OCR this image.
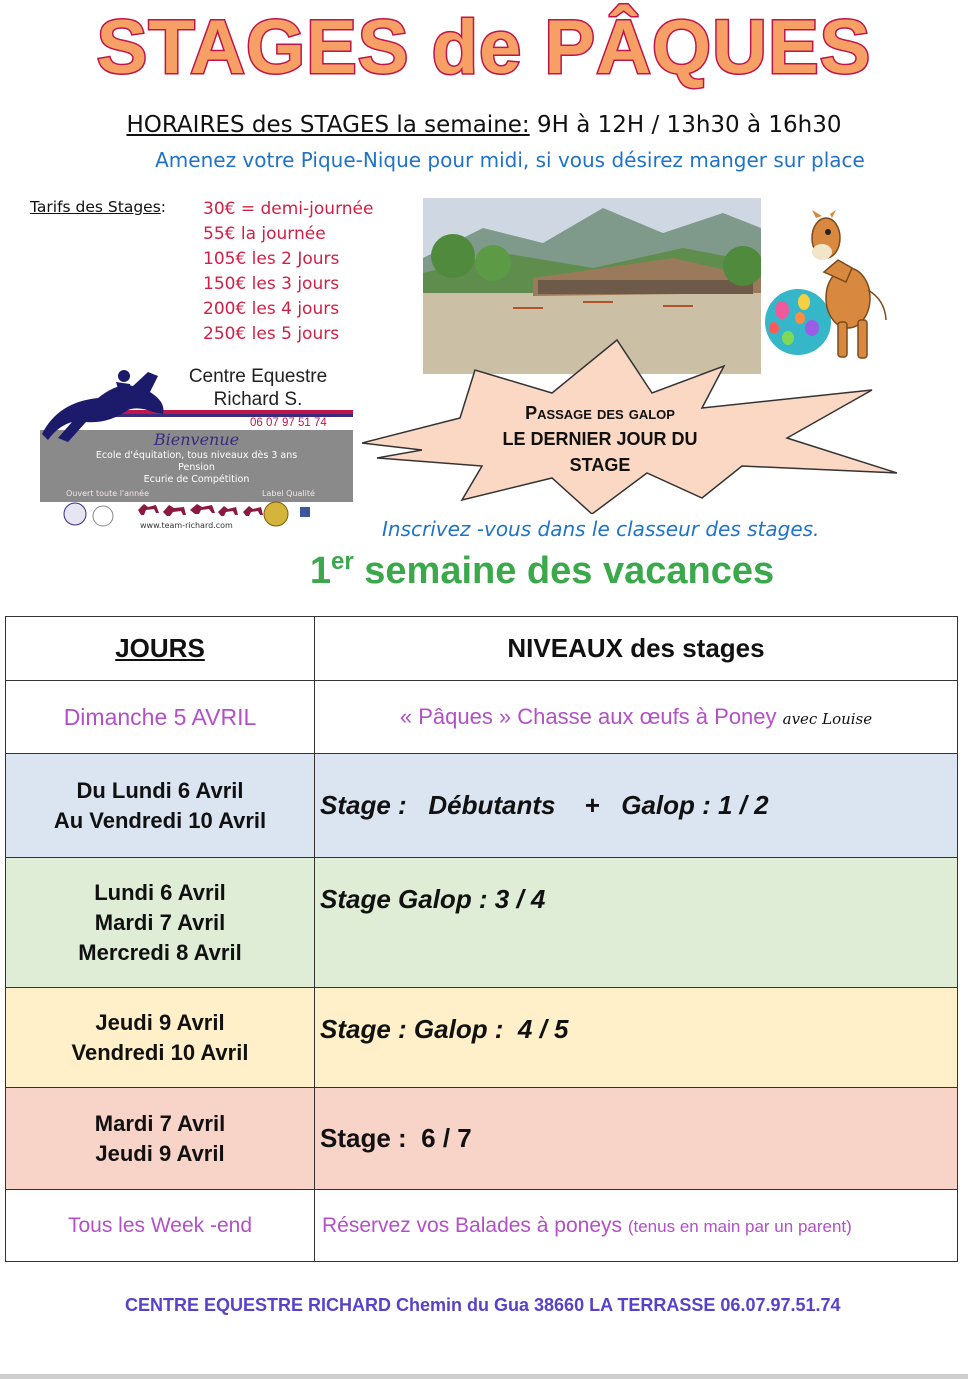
STAGES de PÂQUES
HORAIRES des STAGES la semaine: 9H à 12H / 13h30 à 16h30
Amenez votre Pique-Nique pour midi, si vous désirez manger sur place
Tarifs des Stages: 30€ = demi-journée
55€ la journée
105€ les 2 Jours
150€ les 3 jours
200€ les 4 jours
250€ les 5 jours
Passage des galop
LE DERNIER JOUR DU
STAGE
Centre Equestre
Richard S.
06 07 97 51 74
Bienvenue
Ecole d'équitation, tous niveaux dès 3 ans
Pension
Ecurie de Compétition
Ouvert toute l'année	Label Qualité
www.team-richard.com	Inscrivez -vous dans le classeur des stages.
1er semaine des vacances
JOURS	NIVEAUX des stages
Dimanche 5 AVRIL	« Pâques » Chasse aux œufs à Poney avec Louise

Du Lundi 6 Avril
Au Vendredi 10 Avril	Stage :   Débutants    +   Galop : 1 / 2

Lundi 6 Avril
Mardi 7 Avril
Mercredi 8 Avril	Stage Galop : 3 / 4

Jeudi 9 Avril
Vendredi 10 Avril	Stage : Galop :  4 / 5

Mardi 7 Avril
Jeudi 9 Avril	Stage :  6 / 7
Tous les Week -end	Réservez vos Balades à poneys (tenus en main par un parent)
CENTRE EQUESTRE RICHARD Chemin du Gua 38660 LA TERRASSE 06.07.97.51.74
